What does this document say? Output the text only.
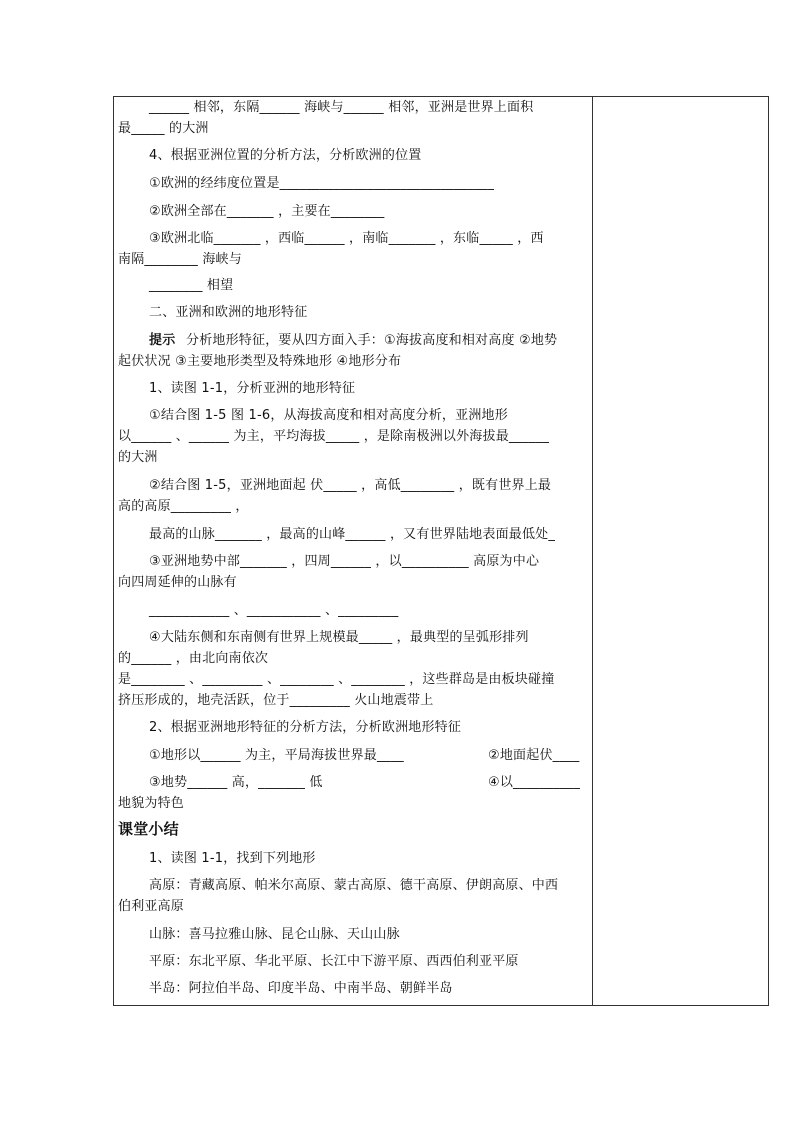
______ 相邻，东隔______ 海峡与______ 相邻，亚洲是世界上面积
最_____ 的大洲
4、根据亚洲位置的分析方法，分析欧洲的位置
①欧洲的经纬度位置是________________________________
②欧洲全部在_______ ，主要在________
③欧洲北临_______ ，西临______ ，南临_______ ，东临_____ ，西
南隔________ 海峡与
________ 相望
二、亚洲和欧洲的地形特征
提示 分析地形特征，要从四方面入手：①海拔高度和相对高度 ②地势
起伏状况 ③主要地形类型及特殊地形 ④地形分布
1、读图 1-1，分析亚洲的地形特征
①结合图 1-5 图 1-6，从海拔高度和相对高度分析，亚洲地形
以______ 、______ 为主，平均海拔_____ ，是除南极洲以外海拔最______
的大洲
②结合图 1-5，亚洲地面起 伏_____ ，高低________ ，既有世界上最
高的高原_________ ，
最高的山脉_______ ，最高的山峰______ ，又有世界陆地表面最低处_
③亚洲地势中部_______ ，四周______ ，以__________ 高原为中心
向四周延伸的山脉有
____________ 、___________ 、_________
④大陆东侧和东南侧有世界上规模最_____ ，最典型的呈弧形排列
的______ ，由北向南依次
是________ 、_________ 、________ 、________ ，这些群岛是由板块碰撞
挤压形成的，地壳活跃，位于_________ 火山地震带上
2、根据亚洲地形特征的分析方法，分析欧洲地形特征
①地形以______ 为主，平局海拔世界最____	②地面起伏____
③地势______ 高，_______ 低	④以__________
地貌为特色
课堂小结
1、读图 1-1，找到下列地形
高原：青藏高原、帕米尔高原、蒙古高原、德干高原、伊朗高原、中西
伯利亚高原
山脉：喜马拉雅山脉、昆仑山脉、天山山脉
平原：东北平原、华北平原、长江中下游平原、西西伯利亚平原
半岛：阿拉伯半岛、印度半岛、中南半岛、朝鲜半岛
